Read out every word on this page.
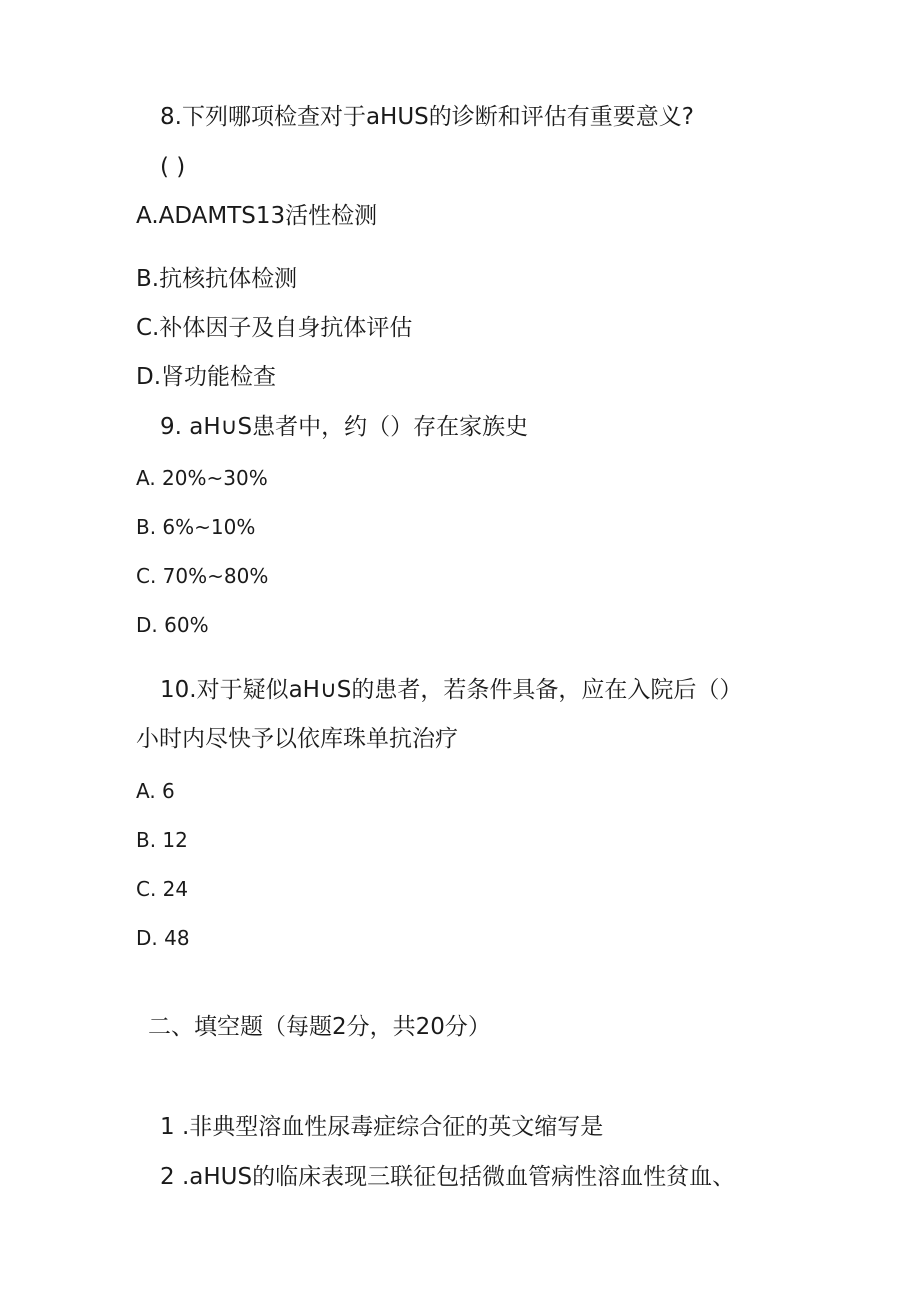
8.下列哪项检查对于aHUS的诊断和评估有重要意义?
( )
A.ADAMTS13活性检测
B.抗核抗体检测
C.补体因子及自身抗体评估
D.肾功能检查
9. aH∪S患者中，约（）存在家族史
A. 20%~30%
B. 6%~10%
C. 70%~80%
D. 60%
10.对于疑似aH∪S的患者，若条件具备，应在入院后（）
小时内尽快予以依库珠单抗治疗
A. 6
B. 12
C. 24
D. 48
二、填空题（每题2分，共20分）
1 .非典型溶血性尿毒症综合征的英文缩写是
2 .aHUS的临床表现三联征包括微血管病性溶血性贫血、
